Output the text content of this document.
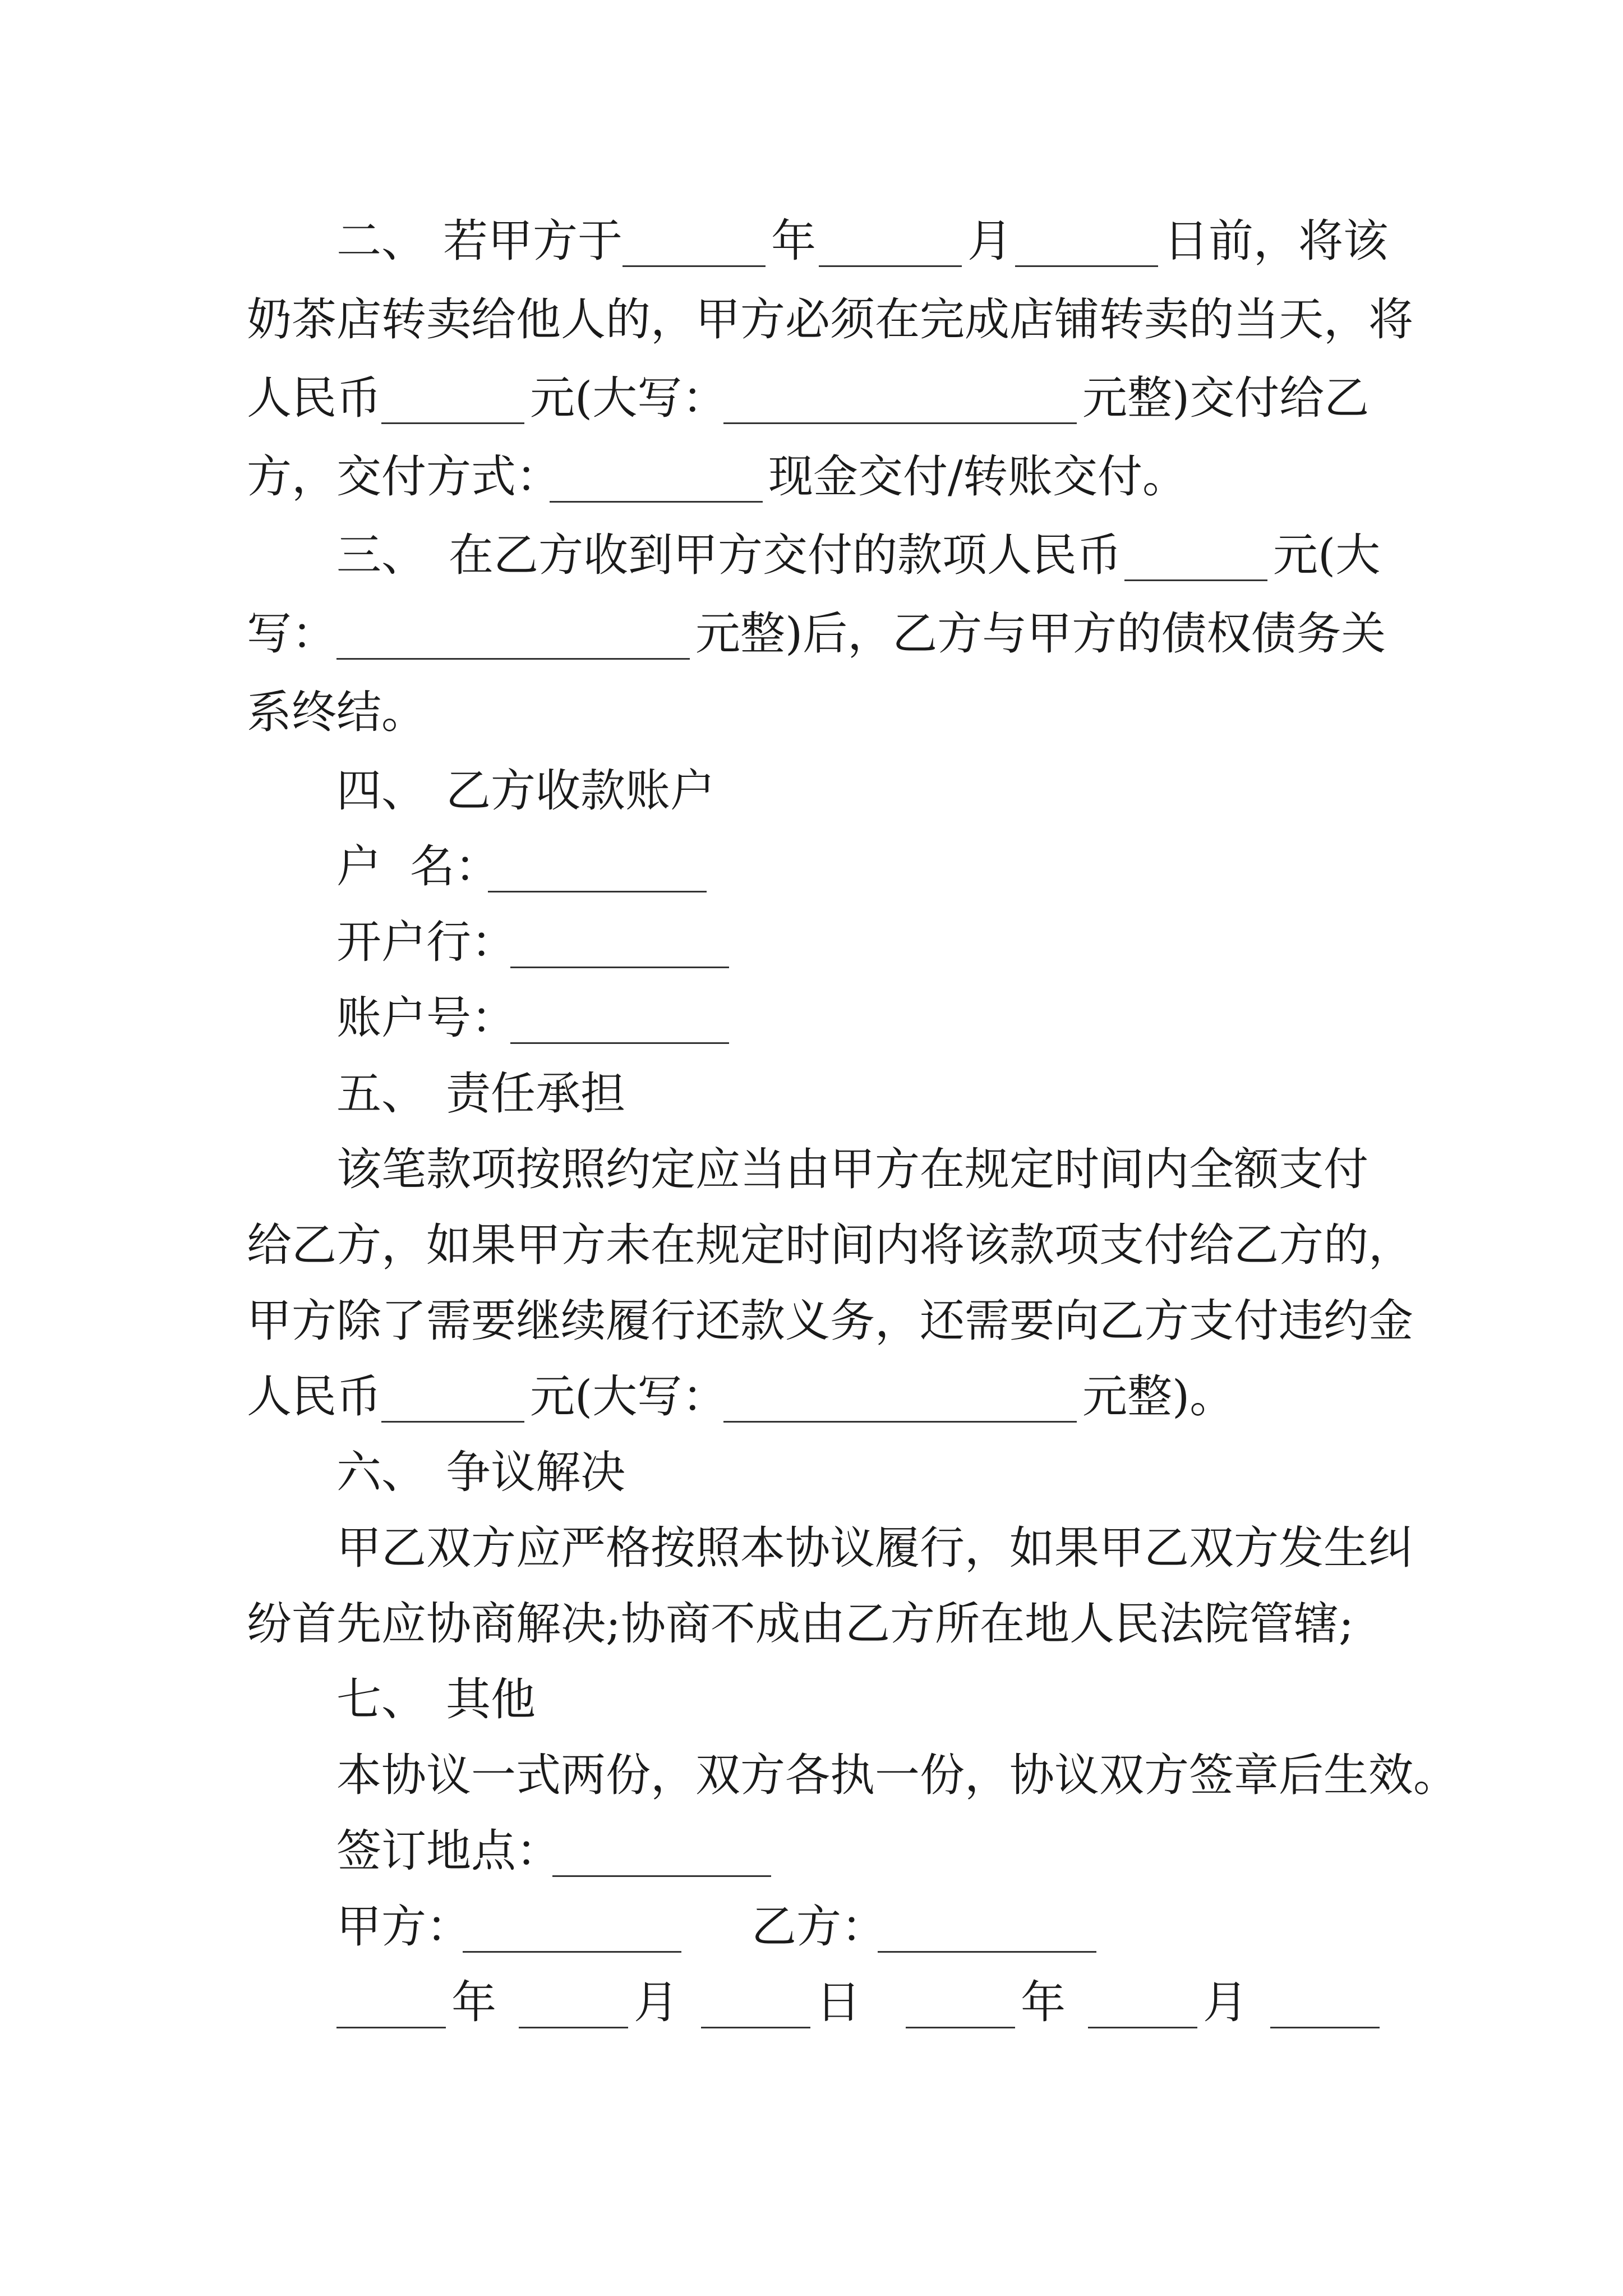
二、 若甲方于	年	月	日前，将该
奶茶店转卖给他人的，甲方必须在完成店铺转卖的当天，将
人民币	元(大写：	元整)交付给乙
方，交付方式：	现金交付/转账交付。
三、 在乙方收到甲方交付的款项人民币	元(大
写：	元整)后，乙方与甲方的债权债务关
系终结。
四、 乙方收款账户
户  名：
开户行：
账户号：
五、 责任承担
该笔款项按照约定应当由甲方在规定时间内全额支付
给乙方，如果甲方未在规定时间内将该款项支付给乙方的，
甲方除了需要继续履行还款义务，还需要向乙方支付违约金
人民币	元(大写：	元整)。
六、 争议解决
甲乙双方应严格按照本协议履行，如果甲乙双方发生纠
纷首先应协商解决;协商不成由乙方所在地人民法院管辖;
七、 其他
本协议一式两份，双方各执一份，协议双方签章后生效。
签订地点：
甲方：	乙方：
年	月	日	年	月
